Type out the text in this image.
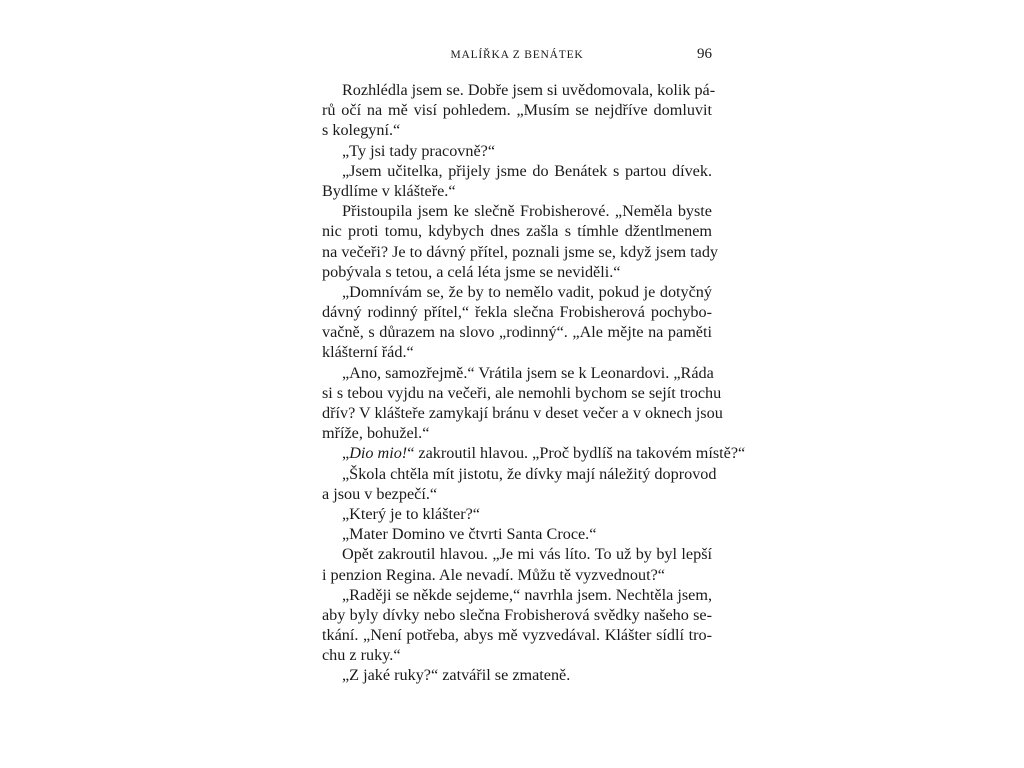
MALÍŘKA Z BENÁTEK	96
Rozhlédla jsem se. Dobře jsem si uvědomovala, kolik pá-
rů očí na mě visí pohledem. „Musím se nejdříve domluvit
s kolegyní.“
„Ty jsi tady pracovně?“
„Jsem učitelka, přijely jsme do Benátek s partou dívek.
Bydlíme v klášteře.“
Přistoupila jsem ke slečně Frobisherové. „Neměla byste
nic proti tomu, kdybych dnes zašla s tímhle džentlmenem
na večeři? Je to dávný přítel, poznali jsme se, když jsem tady
pobývala s tetou, a celá léta jsme se neviděli.“
„Domnívám se, že by to nemělo vadit, pokud je dotyčný
dávný rodinný přítel,“ řekla slečna Frobisherová pochybo-
vačně, s důrazem na slovo „rodinný“. „Ale mějte na paměti
klášterní řád.“
„Ano, samozřejmě.“ Vrátila jsem se k Leonardovi. „Ráda
si s tebou vyjdu na večeři, ale nemohli bychom se sejít trochu
dřív? V klášteře zamykají bránu v deset večer a v oknech jsou
mříže, bohužel.“
„Dio mio!“ zakroutil hlavou. „Proč bydlíš na takovém místě?“
„Škola chtěla mít jistotu, že dívky mají náležitý doprovod
a jsou v bezpečí.“
„Který je to klášter?“
„Mater Domino ve čtvrti Santa Croce.“
Opět zakroutil hlavou. „Je mi vás líto. To už by byl lepší
i penzion Regina. Ale nevadí. Můžu tě vyzvednout?“
„Raději se někde sejdeme,“ navrhla jsem. Nechtěla jsem,
aby byly dívky nebo slečna Frobisherová svědky našeho se-
tkání. „Není potřeba, abys mě vyzvedával. Klášter sídlí tro-
chu z ruky.“
„Z jaké ruky?“ zatvářil se zmateně.
